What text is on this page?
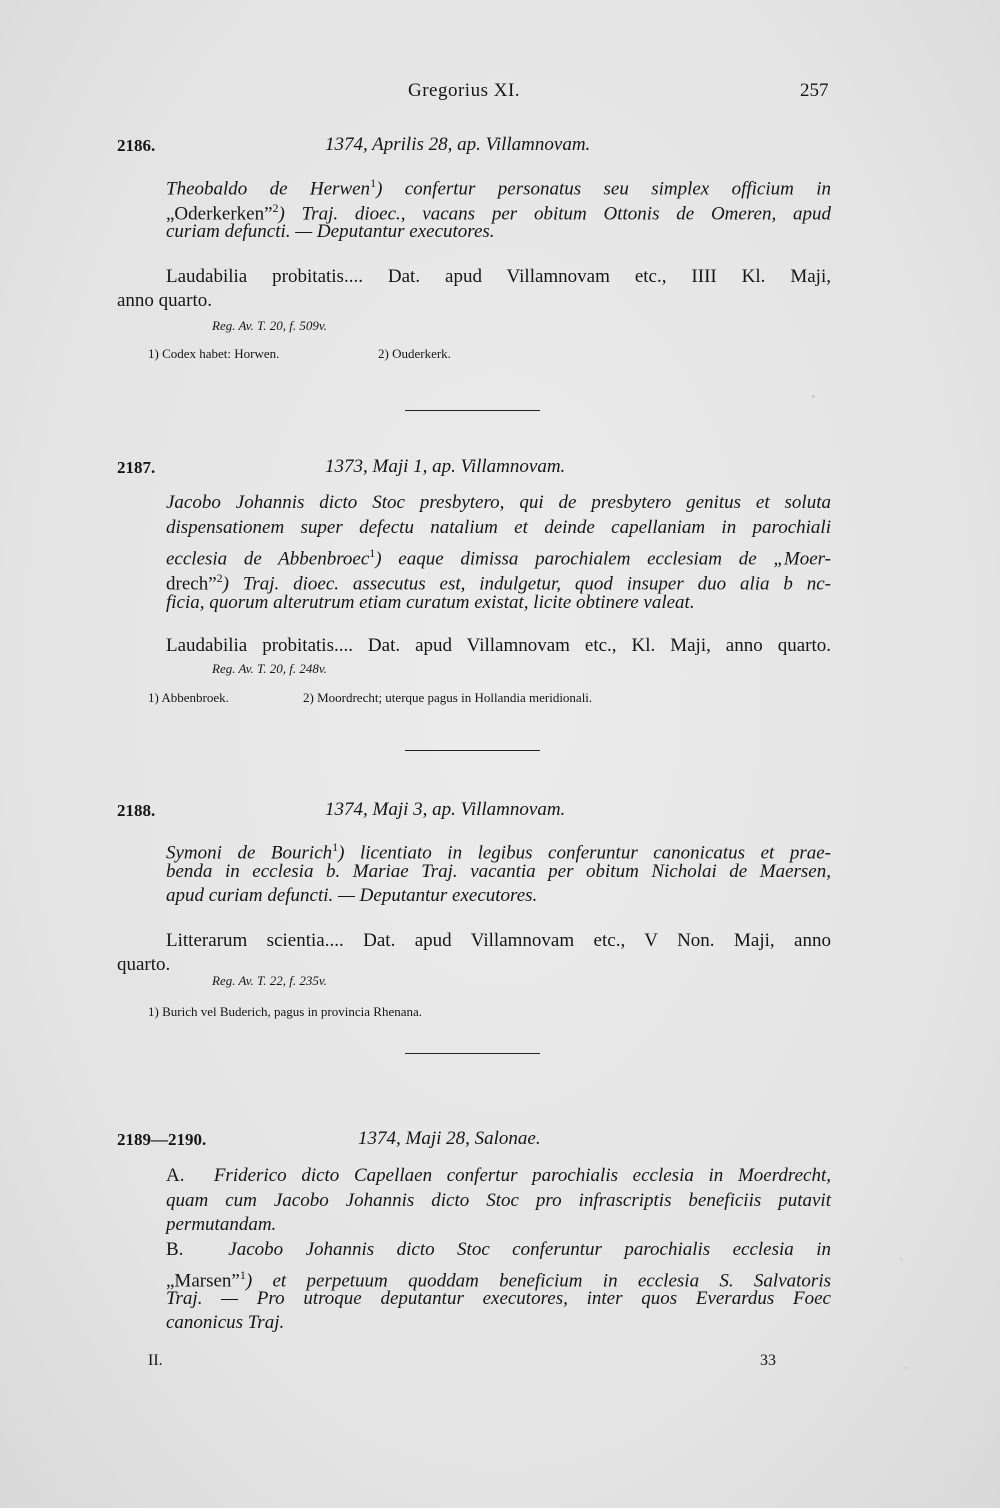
Gregorius XI.	257
2186.	1374, Aprilis 28, ap. Villamnovam.
Theobaldo de Herwen$^1$) confertur personatus seu simplex officium in
„Oderkerken”$^2$) Traj. dioec., vacans per obitum Ottonis de Omeren, apud
curiam defuncti. — Deputantur executores.
Laudabilia probitatis.... Dat. apud Villamnovam etc., IIII Kl. Maji,
anno quarto.
Reg. Av. T. 20, f. 509v.
1) Codex habet: Horwen.	2) Ouderkerk.
2187.	1373, Maji 1, ap. Villamnovam.
Jacobo Johannis dicto Stoc presbytero, qui de presbytero genitus et soluta
dispensationem super defectu natalium et deinde capellaniam in parochiali
ecclesia de Abbenbroec$^1$) eaque dimissa parochialem ecclesiam de „Moer-
drech”$^2$) Traj. dioec. assecutus est, indulgetur, quod insuper duo alia b nc-
ficia, quorum alterutrum etiam curatum existat, licite obtinere valeat.
Laudabilia probitatis.... Dat. apud Villamnovam etc., Kl. Maji, anno quarto.
Reg. Av. T. 20, f. 248v.
1) Abbenbroek.	2) Moordrecht; uterque pagus in Hollandia meridionali.
2188.	1374, Maji 3, ap. Villamnovam.
Symoni de Bourich$^1$) licentiato in legibus conferuntur canonicatus et prae-
benda in ecclesia b. Mariae Traj. vacantia per obitum Nicholai de Maersen,
apud curiam defuncti. — Deputantur executores.
Litterarum scientia.... Dat. apud Villamnovam etc., V Non. Maji, anno
quarto.
Reg. Av. T. 22, f. 235v.
1) Burich vel Buderich, pagus in provincia Rhenana.
2189—2190.	1374, Maji 28, Salonae.
A. Friderico dicto Capellaen confertur parochialis ecclesia in Moerdrecht,
quam cum Jacobo Johannis dicto Stoc pro infrascriptis beneficiis putavit
permutandam.
B. Jacobo Johannis dicto Stoc conferuntur parochialis ecclesia in
„Marsen”$^1$) et perpetuum quoddam beneficium in ecclesia S. Salvatoris
Traj. — Pro utroque deputantur executores, inter quos Everardus Foec
canonicus Traj.
II.	33
